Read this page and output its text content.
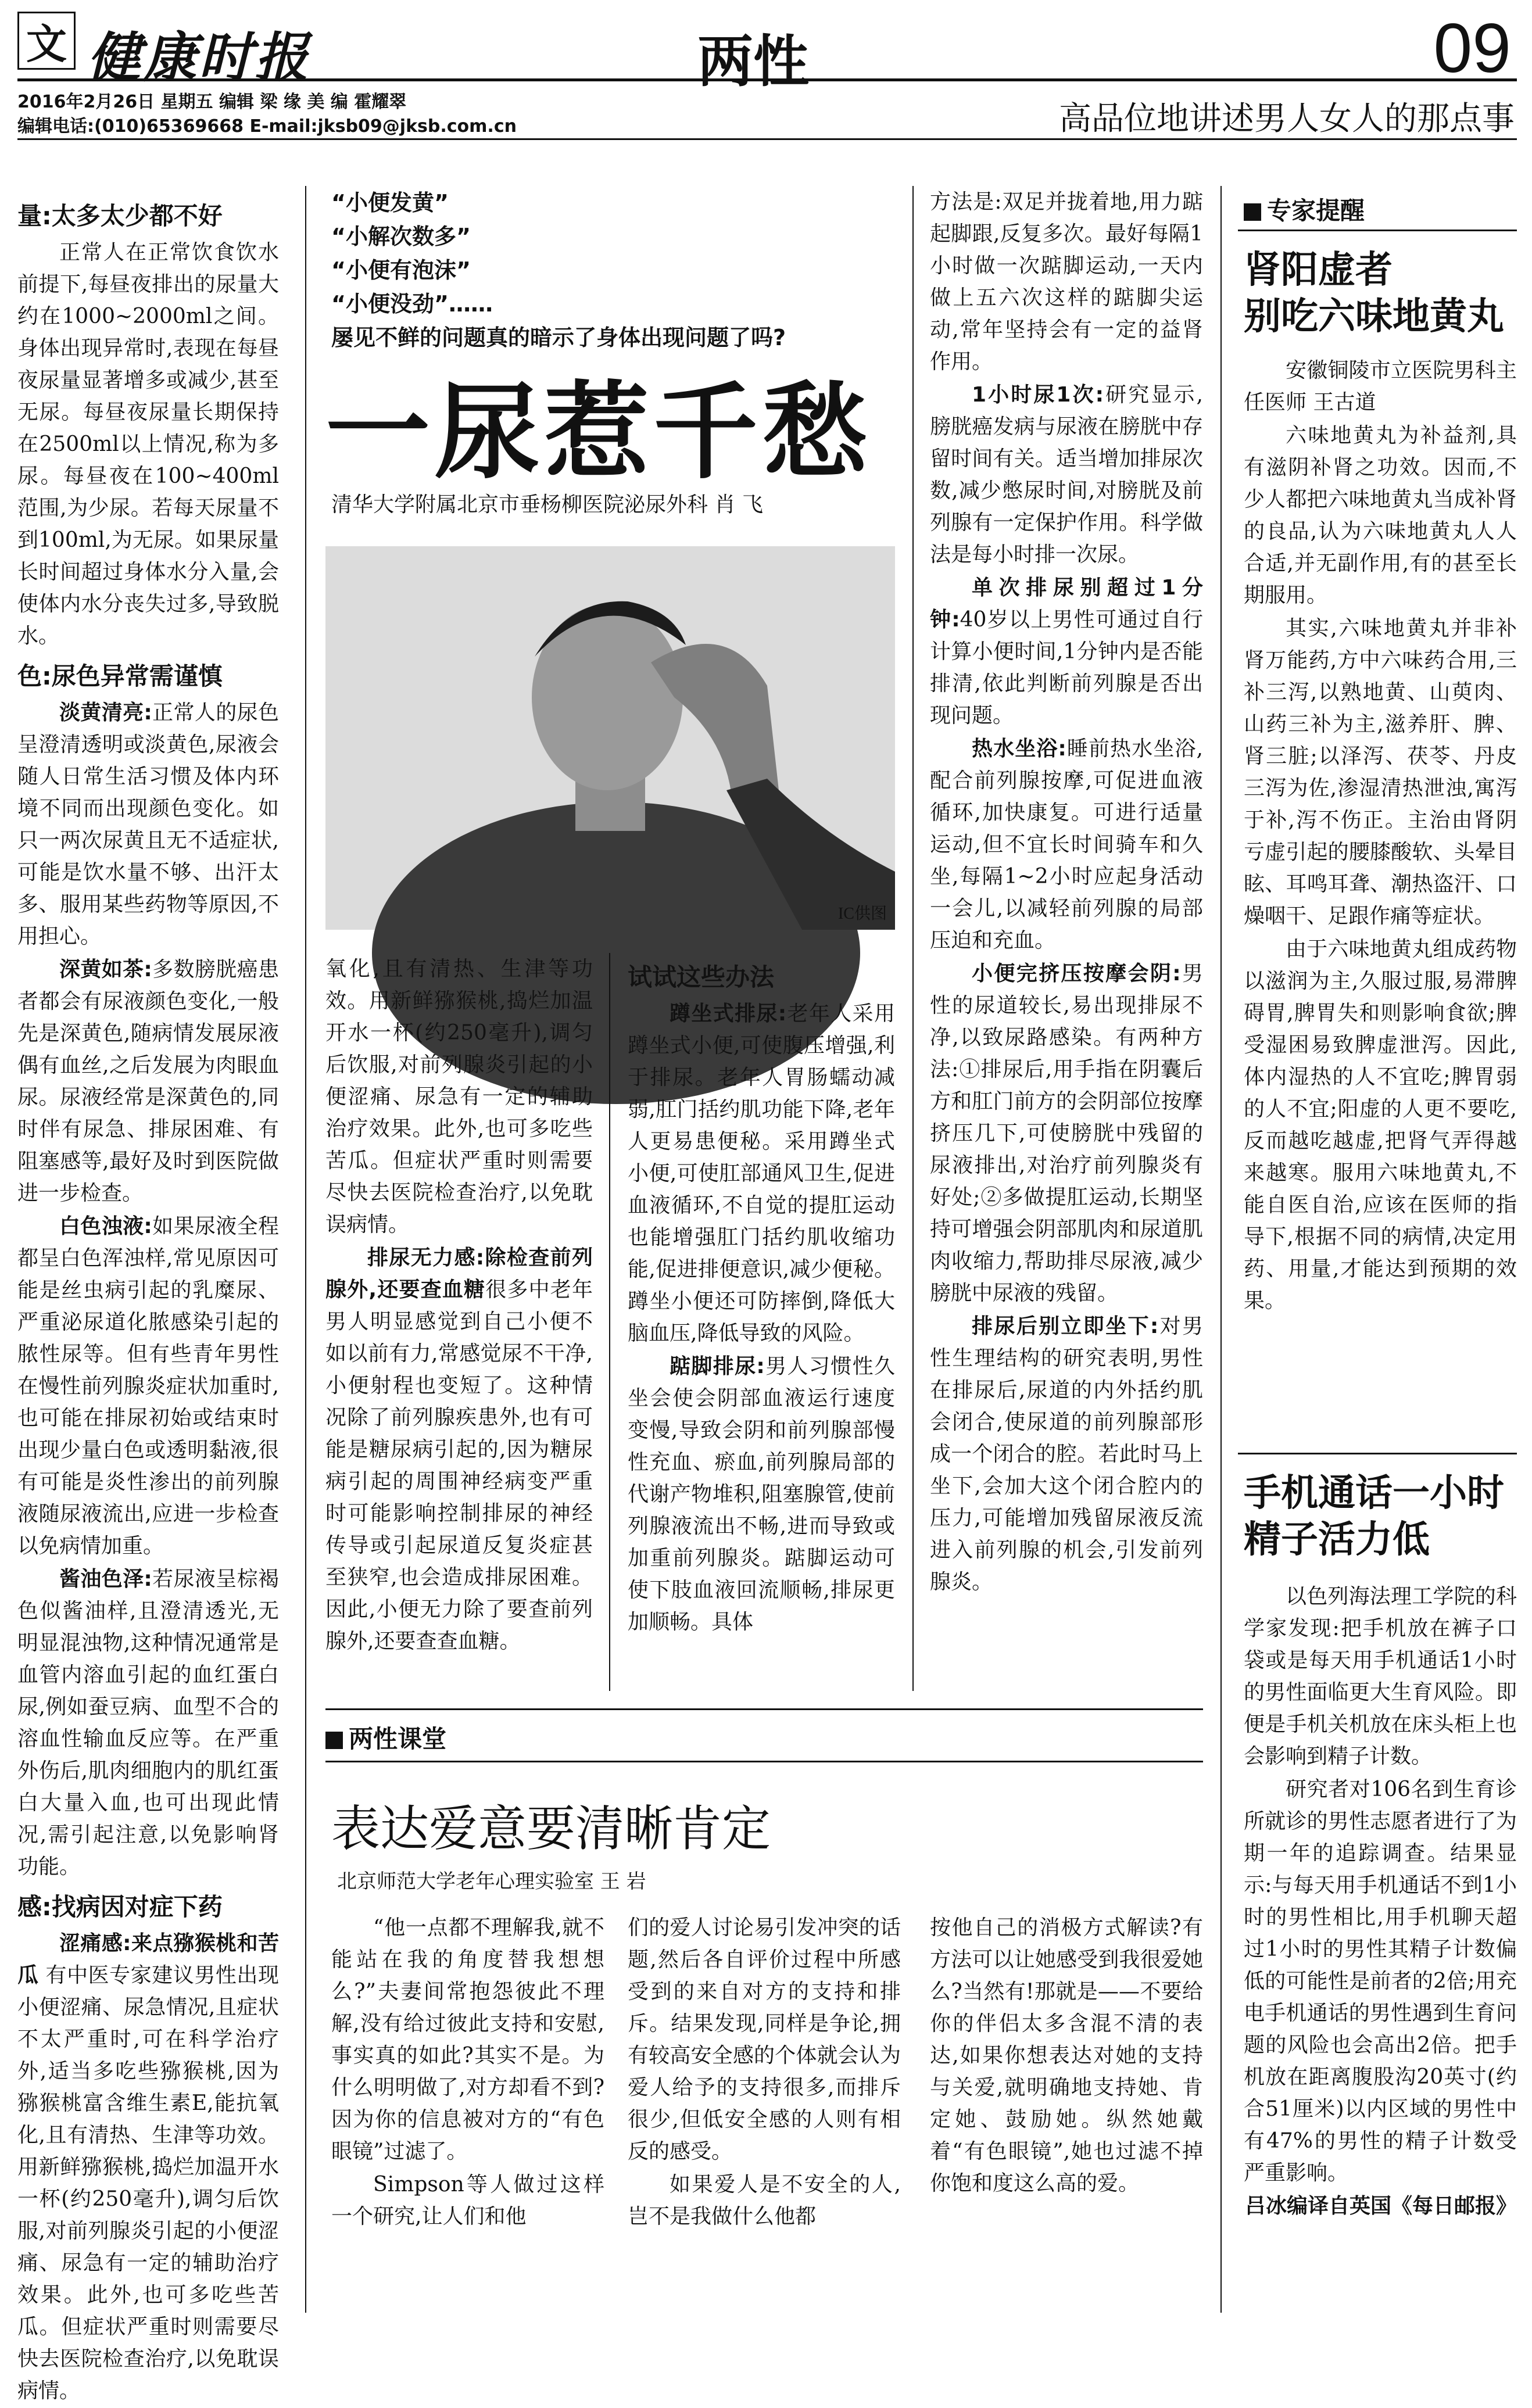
文 健康时报	两性	09
2016年2月26日 星期五 编辑 梁 缘 美 编 霍耀翠
编辑电话:(010)65369668 E-mail:jksb09@jksb.com.cn	高品位地讲述男人女人的那点事

量:太多太少都不好

正常人在正常饮食饮水前提下,每昼夜排出的尿量大约在1000~2000ml之间。身体出现异常时,表现在每昼夜尿量显著增多或减少,甚至无尿。每昼夜尿量长期保持在2500ml以上情况,称为多尿。每昼夜在100~400ml范围,为少尿。若每天尿量不到100ml,为无尿。如果尿量长时间超过身体水分入量,会使体内水分丧失过多,导致脱水。

色:尿色异常需谨慎

淡黄清亮:正常人的尿色呈澄清透明或淡黄色,尿液会随人日常生活习惯及体内环境不同而出现颜色变化。如只一两次尿黄且无不适症状,可能是饮水量不够、出汗太多、服用某些药物等原因,不用担心。

深黄如茶:多数膀胱癌患者都会有尿液颜色变化,一般先是深黄色,随病情发展尿液偶有血丝,之后发展为肉眼血尿。尿液经常是深黄色的,同时伴有尿急、排尿困难、有阻塞感等,最好及时到医院做进一步检查。

白色浊液:如果尿液全程都呈白色浑浊样,常见原因可能是丝虫病引起的乳糜尿、严重泌尿道化脓感染引起的脓性尿等。但有些青年男性在慢性前列腺炎症状加重时,也可能在排尿初始或结束时出现少量白色或透明黏液,很有可能是炎性渗出的前列腺液随尿液流出,应进一步检查以免病情加重。

酱油色泽:若尿液呈棕褐色似酱油样,且澄清透光,无明显混浊物,这种情况通常是血管内溶血引起的血红蛋白尿,例如蚕豆病、血型不合的溶血性输血反应等。在严重外伤后,肌肉细胞内的肌红蛋白大量入血,也可出现此情况,需引起注意,以免影响肾功能。

感:找病因对症下药

涩痛感:来点猕猴桃和苦瓜 有中医专家建议男性出现小便涩痛、尿急情况,且症状不太严重时,可在科学治疗外,适当多吃些猕猴桃,因为猕猴桃富含维生素E,能抗氧化,且有清热、生津等功效。用新鲜猕猴桃,捣烂加温开水一杯(约250毫升),调匀后饮服,对前列腺炎引起的小便涩痛、尿急有一定的辅助治疗效果。此外,也可多吃些苦瓜。但症状严重时则需要尽快去医院检查治疗,以免耽误病情。

“小便发黄”
“小解次数多”
“小便有泡沫”
“小便没劲”……
屡见不鲜的问题真的暗示了身体出现问题了吗?
一尿惹千愁
清华大学附属北京市垂杨柳医院泌尿外科 肖 飞
IC供图

氧化,且有清热、生津等功效。用新鲜猕猴桃,捣烂加温开水一杯(约250毫升),调匀后饮服,对前列腺炎引起的小便涩痛、尿急有一定的辅助治疗效果。此外,也可多吃些苦瓜。但症状严重时则需要尽快去医院检查治疗,以免耽误病情。

排尿无力感:除检查前列腺外,还要查血糖很多中老年男人明显感觉到自己小便不如以前有力,常感觉尿不干净,小便射程也变短了。这种情况除了前列腺疾患外,也有可能是糖尿病引起的,因为糖尿病引起的周围神经病变严重时可能影响控制排尿的神经传导或引起尿道反复炎症甚至狭窄,也会造成排尿困难。因此,小便无力除了要查前列腺外,还要查查血糖。

试试这些办法

蹲坐式排尿:老年人采用蹲坐式小便,可使腹压增强,利于排尿。老年人胃肠蠕动减弱,肛门括约肌功能下降,老年人更易患便秘。采用蹲坐式小便,可使肛部通风卫生,促进血液循环,不自觉的提肛运动也能增强肛门括约肌收缩功能,促进排便意识,减少便秘。蹲坐小便还可防摔倒,降低大脑血压,降低导致的风险。

踮脚排尿:男人习惯性久坐会使会阴部血液运行速度变慢,导致会阴和前列腺部慢性充血、瘀血,前列腺局部的代谢产物堆积,阻塞腺管,使前列腺液流出不畅,进而导致或加重前列腺炎。踮脚运动可使下肢血液回流顺畅,排尿更加顺畅。具体

方法是:双足并拢着地,用力踮起脚跟,反复多次。最好每隔1小时做一次踮脚运动,一天内做上五六次这样的踮脚尖运动,常年坚持会有一定的益肾作用。

1小时尿1次:研究显示,膀胱癌发病与尿液在膀胱中存留时间有关。适当增加排尿次数,减少憋尿时间,对膀胱及前列腺有一定保护作用。科学做法是每小时排一次尿。

单次排尿别超过1分钟:40岁以上男性可通过自行计算小便时间,1分钟内是否能排清,依此判断前列腺是否出现问题。

热水坐浴:睡前热水坐浴,配合前列腺按摩,可促进血液循环,加快康复。可进行适量运动,但不宜长时间骑车和久坐,每隔1~2小时应起身活动一会儿,以减轻前列腺的局部压迫和充血。

小便完挤压按摩会阴:男性的尿道较长,易出现排尿不净,以致尿路感染。有两种方法:①排尿后,用手指在阴囊后方和肛门前方的会阴部位按摩挤压几下,可使膀胱中残留的尿液排出,对治疗前列腺炎有好处;②多做提肛运动,长期坚持可增强会阴部肌肉和尿道肌肉收缩力,帮助排尽尿液,减少膀胱中尿液的残留。

排尿后别立即坐下:对男性生理结构的研究表明,男性在排尿后,尿道的内外括约肌会闭合,使尿道的前列腺部形成一个闭合的腔。若此时马上坐下,会加大这个闭合腔内的压力,可能增加残留尿液反流进入前列腺的机会,引发前列腺炎。

两性课堂
表达爱意要清晰肯定
北京师范大学老年心理实验室 王 岩

“他一点都不理解我,就不能站在我的角度替我想想么?”夫妻间常抱怨彼此不理解,没有给过彼此支持和安慰,事实真的如此?其实不是。为什么明明做了,对方却看不到?因为你的信息被对方的“有色眼镜”过滤了。

Simpson等人做过这样一个研究,让人们和他

们的爱人讨论易引发冲突的话题,然后各自评价过程中所感受到的来自对方的支持和排斥。结果发现,同样是争论,拥有较高安全感的个体就会认为爱人给予的支持很多,而排斥很少,但低安全感的人则有相反的感受。

如果爱人是不安全的人,岂不是我做什么他都

按他自己的消极方式解读?有方法可以让她感受到我很爱她么?当然有!那就是——不要给你的伴侣太多含混不清的表达,如果你想表达对她的支持与关爱,就明确地支持她、肯定她、鼓励她。纵然她戴着“有色眼镜”,她也过滤不掉你饱和度这么高的爱。

专家提醒
肾阳虚者
别吃六味地黄丸

安徽铜陵市立医院男科主任医师 王古道

六味地黄丸为补益剂,具有滋阴补肾之功效。因而,不少人都把六味地黄丸当成补肾的良品,认为六味地黄丸人人合适,并无副作用,有的甚至长期服用。

其实,六味地黄丸并非补肾万能药,方中六味药合用,三补三泻,以熟地黄、山萸肉、山药三补为主,滋养肝、脾、肾三脏;以泽泻、茯苓、丹皮三泻为佐,渗湿清热泄浊,寓泻于补,泻不伤正。主治由肾阴亏虚引起的腰膝酸软、头晕目眩、耳鸣耳聋、潮热盗汗、口燥咽干、足跟作痛等症状。

由于六味地黄丸组成药物以滋润为主,久服过服,易滞脾碍胃,脾胃失和则影响食欲;脾受湿困易致脾虚泄泻。因此,体内湿热的人不宜吃;脾胃弱的人不宜;阳虚的人更不要吃,反而越吃越虚,把肾气弄得越来越寒。服用六味地黄丸,不能自医自治,应该在医师的指导下,根据不同的病情,决定用药、用量,才能达到预期的效果。

手机通话一小时
精子活力低

以色列海法理工学院的科学家发现:把手机放在裤子口袋或是每天用手机通话1小时的男性面临更大生育风险。即便是手机关机放在床头柜上也会影响到精子计数。

研究者对106名到生育诊所就诊的男性志愿者进行了为期一年的追踪调查。结果显示:与每天用手机通话不到1小时的男性相比,用手机聊天超过1小时的男性其精子计数偏低的可能性是前者的2倍;用充电手机通话的男性遇到生育问题的风险也会高出2倍。把手机放在距离腹股沟20英寸(约合51厘米)以内区域的男性中有47%的男性的精子计数受严重影响。

吕冰编译自英国《每日邮报》
